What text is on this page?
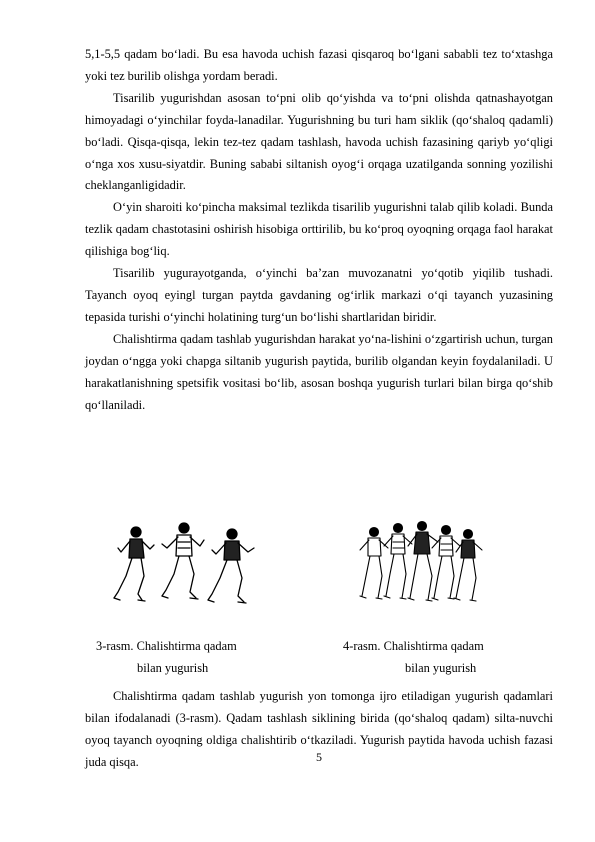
5,1-5,5 qadam bo‘ladi. Bu esa havoda uchish fazasi qisqaroq bo‘lgani sababli tez to‘xtashga yoki tez burilib olishga yordam beradi.

Tisarilib yugurishdan asosan to‘pni olib qo‘yishda va to‘pni olishda qatnashayotgan himoyadagi o‘yinchilar foyda-lanadilar. Yugurishning bu turi ham siklik (qo‘shaloq qadamli) bo‘ladi. Qisqa-qisqa, lekin tez-tez qadam tashlash, havoda uchish fazasining qariyb yo‘qligi o‘nga xos xusu-siyatdir. Buning sababi siltanish oyog‘i orqaga uzatilganda sonning yozilishi cheklanganligidadir.

O‘yin sharoiti ko‘pincha maksimal tezlikda tisarilib yugurishni talab qilib koladi. Bunda tezlik qadam chastotasini oshirish hisobiga orttirilib, bu ko‘proq oyoqning orqaga faol harakat qilishiga bog‘liq.

Tisarilib yugurayotganda, o‘yinchi ba’zan muvozanatni yo‘qotib yiqilib tushadi. Tayanch oyoq eyingl turgan paytda gavdaning og‘irlik markazi o‘qi tayanch yuzasining tepasida turishi o‘yinchi holatining turg‘un bo‘lishi shartlaridan biridir.

Chalishtirma qadam tashlab yugurishdan harakat yo‘na-lishini o‘zgartirish uchun, turgan joydan o‘ngga yoki chapga siltanib yugurish paytida, burilib olgandan keyin foydalaniladi. U harakatlanishning spetsifik vositasi bo‘lib, asosan boshqa yugurish turlari bilan birga qo‘shib qo‘llaniladi.

3-rasm. Chalishtirma qadam
bilan yugurish
4-rasm. Chalishtirma qadam
bilan yugurish

Chalishtirma qadam tashlab yugurish yon tomonga ijro etiladigan yugurish qadamlari bilan ifodalanadi (3-rasm). Qadam tashlash siklining birida (qo‘shaloq qadam) silta-nuvchi oyoq tayanch oyoqning oldiga chalishtirib o‘tkaziladi. Yugurish paytida havoda uchish fazasi juda qisqa.	5
